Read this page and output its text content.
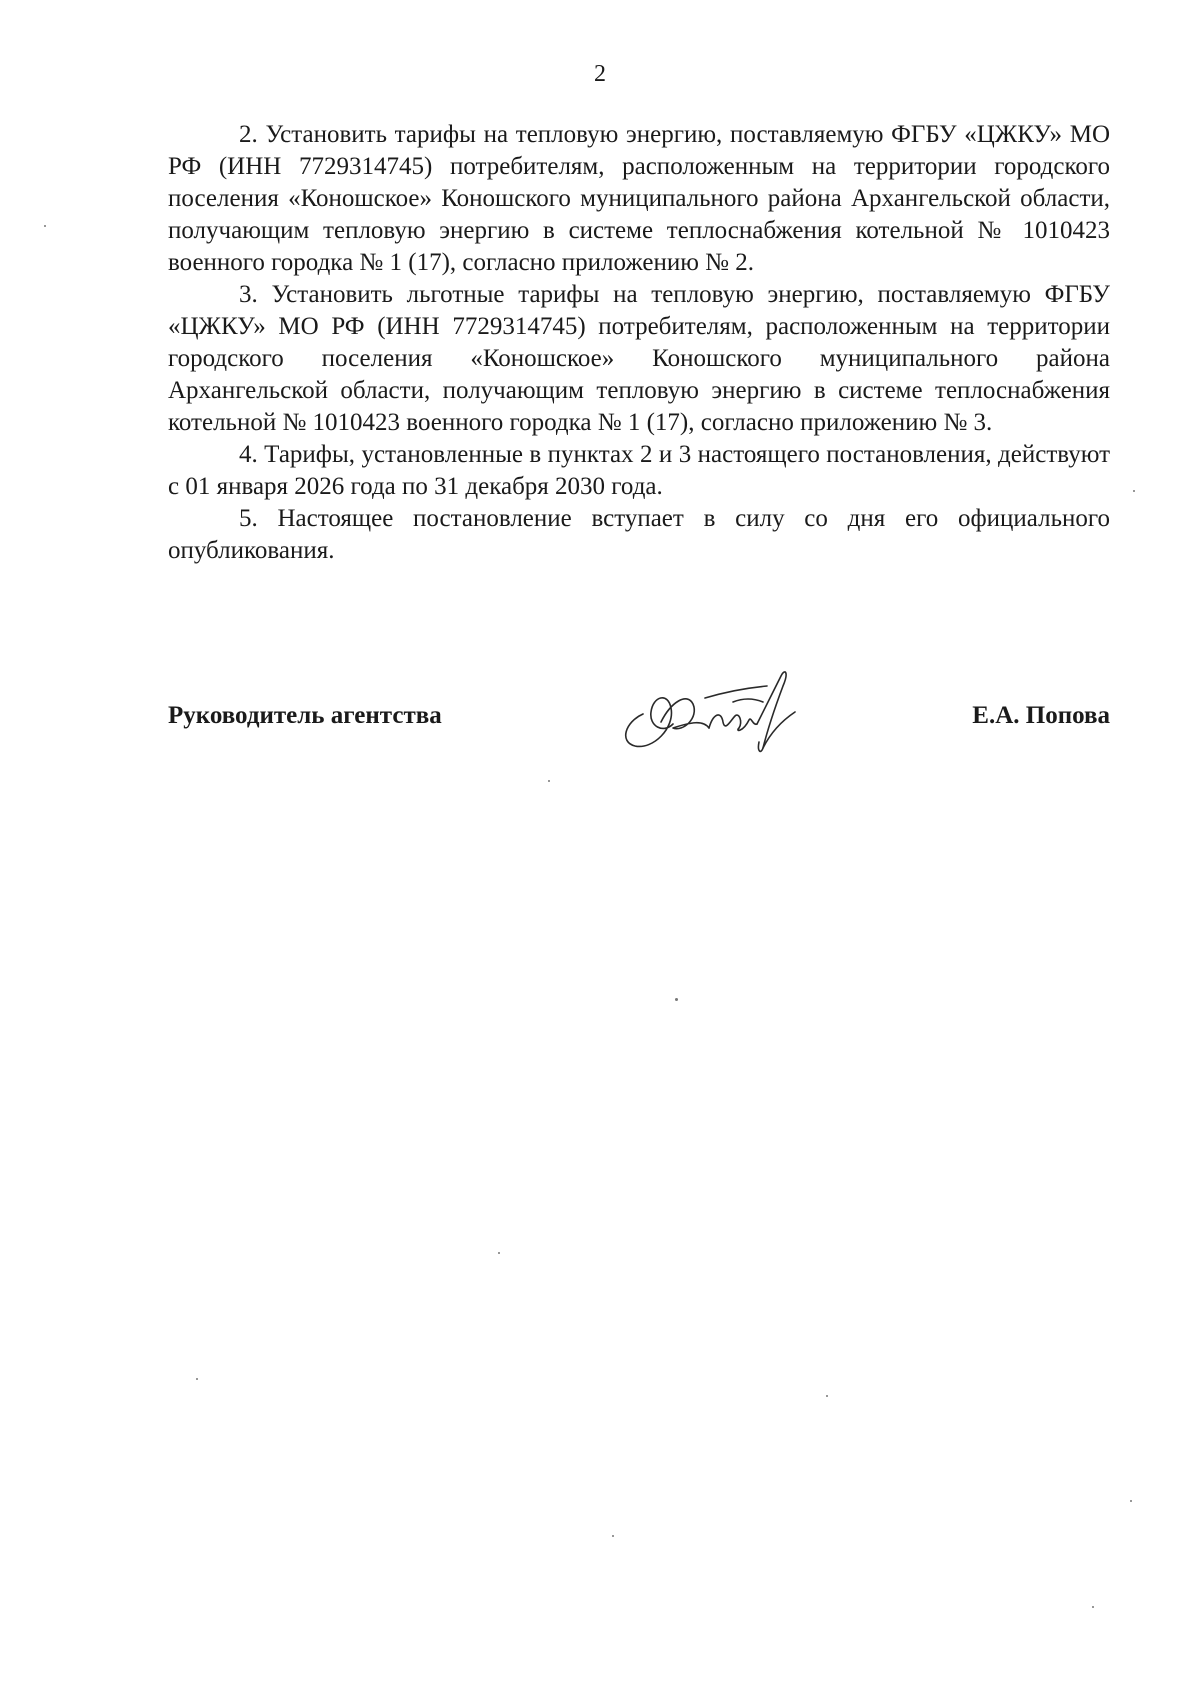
2

2. Установить тарифы на тепловую энергию, поставляемую ФГБУ «ЦЖКУ» МО РФ (ИНН 7729314745) потребителям, расположенным на территории городского поселения «Коношское» Коношского муниципального района Архангельской области, получающим тепловую энергию в системе теплоснабжения котельной № 1010423 военного городка № 1 (17), согласно приложению № 2.

3. Установить льготные тарифы на тепловую энергию, поставляемую ФГБУ «ЦЖКУ» МО РФ (ИНН 7729314745) потребителям, расположенным на территории городского поселения «Коношское» Коношского муниципального района Архангельской области, получающим тепловую энергию в системе теплоснабжения котельной № 1010423 военного городка № 1 (17), согласно приложению № 3.

4. Тарифы, установленные в пунктах 2 и 3 настоящего постановления, действуют с 01 января 2026 года по 31 декабря 2030 года.

5. Настоящее постановление вступает в силу со дня его официального опубликования.

Руководитель агентства	Е.А. Попова
